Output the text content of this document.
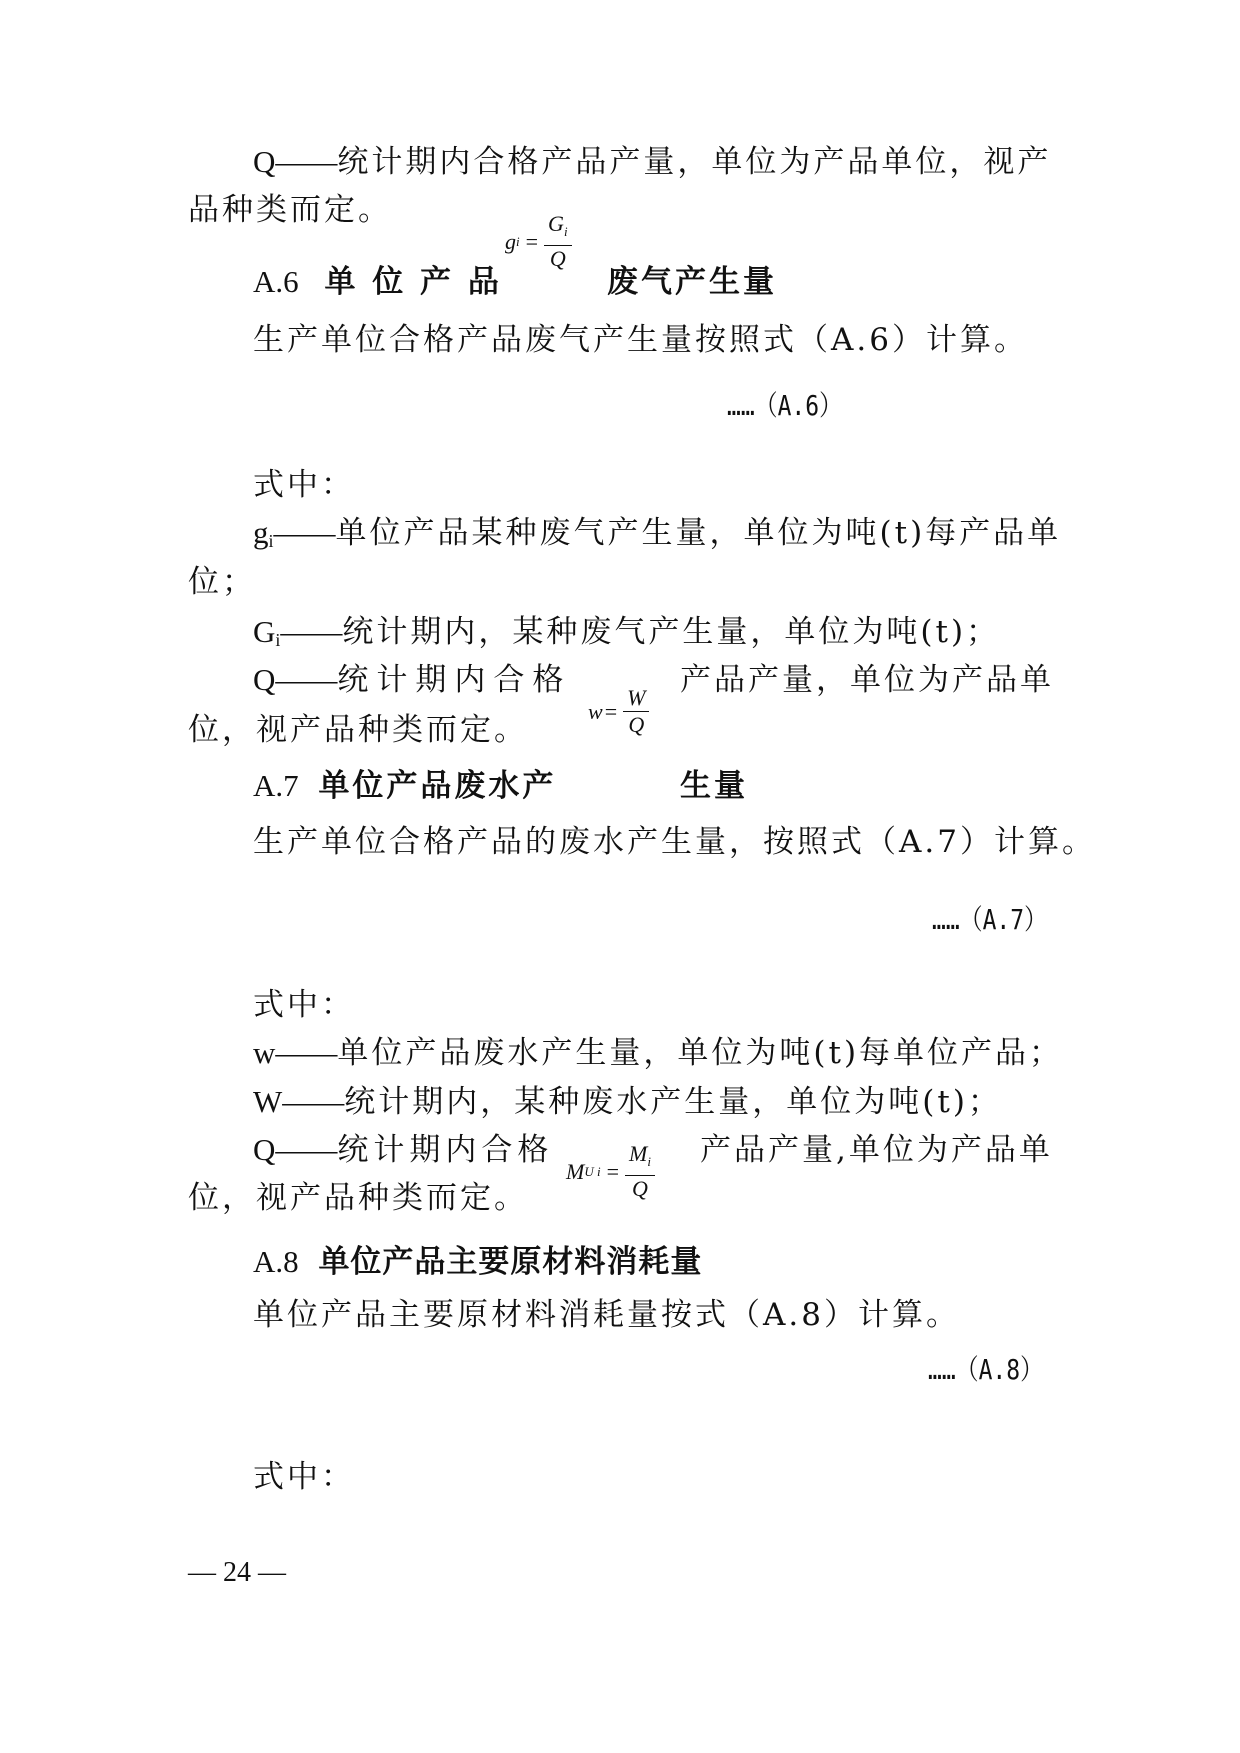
Q——统计期内合格产品产量，单位为产品单位，视产
品种类而定。
g $i = \frac{G_i}{Q}$
A.6 单 位 产 品	废气产生量
生产单位合格产品废气产生量按照式（A.6）计算。
……（A.6）
式中：
$g_i——$单位产品某种废气产生量，单位为吨(t)每产品单
位；
$G_i——$统计期内，某种废气产生量，单位为吨(t)；
Q——统计期内合格	产品产量，单位为产品单
位，视产品种类而定。
$w = \frac{W}{Q}$
A.7 单位产品废水产	生量
生产单位合格产品的废水产生量，按照式（A.7）计算。
……（A.7）
式中：
w——单位产品废水产生量，单位为吨(t)每单位产品；
W——统计期内，某种废水产生量，单位为吨(t)；
Q——统计期内合格	产品产量,单位为产品单
位，视产品种类而定。
M U $i = \frac{M_i}{Q}$
A.8 单位产品主要原材料消耗量
单位产品主要原材料消耗量按式（A.8）计算。
……（A.8）
式中：
— 24 —
